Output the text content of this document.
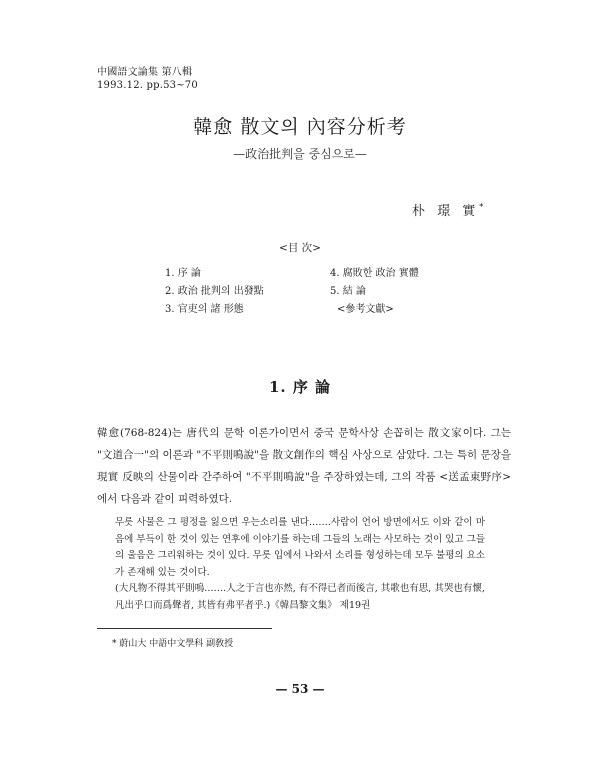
中國語文論集 第八輯
1993.12. pp.53~70
韓愈 散文의 內容分析考
—政治批判을 중심으로—
朴 璟 實*
<目 次>
1. 序 論
2. 政治 批判의 出發點
3. 官吏의 諸 形態
4. 腐敗한 政治 實體
5. 結 論
<參考文獻>
1. 序 論
韓愈(768-824)는 唐代의 문학 이론가이면서 중국 문학사상 손꼽히는 散文家이다. 그는 "文道合一"의 이론과 "不平則鳴說"을 散文創作의 핵심 사상으로 삼았다. 그는 특히 문장을 現實 反映의 산물이라 간주하여 "不平則鳴說"을 주장하였는데, 그의 작품 <送孟東野序>에서 다음과 같이 피력하였다.
무릇 사물은 그 평정을 잃으면 우는소리를 낸다.……사람이 언어 방면에서도 이와 같이 마음에 부득이 한 것이 있는 연후에 이야기를 하는데 그들의 노래는 사모하는 것이 있고 그들의 울음은 그리워하는 것이 있다. 무릇 입에서 나와서 소리를 형성하는데 모두 불평의 요소가 존재해 있는 것이다.
(大凡物不得其平則鳴.……人之于言也亦然, 有不得已者而後言, 其歌也有思, 其哭也有懷, 凡出乎口而爲聲者, 其皆有弗平者乎.)《韓昌黎文集》 제19권
* 蔚山大 中語中文學科 副敎授
— 53 —
